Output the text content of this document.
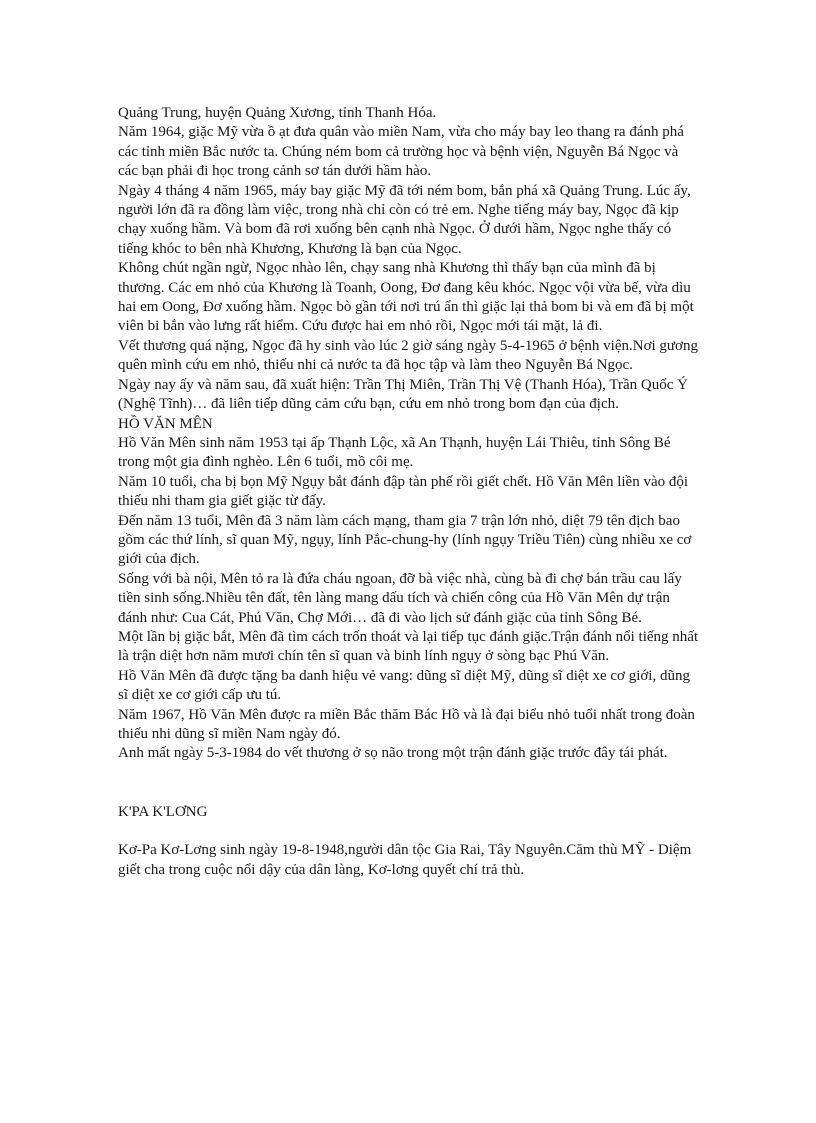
Quảng Trung, huyện Quảng Xương, tỉnh Thanh Hóa.

Năm 1964, giặc Mỹ vừa ồ ạt đưa quân vào miền Nam, vừa cho máy bay leo thang ra đánh phá các tỉnh miền Bắc nước ta. Chúng ném bom cả trường học và bệnh viện, Nguyễn Bá Ngọc và các bạn phải đi học trong cảnh sơ tán dưới hầm hào.

Ngày 4 tháng 4 năm 1965, máy bay giặc Mỹ đã tới ném bom, bắn phá xã Quảng Trung. Lúc ấy, người lớn đã ra đồng làm việc, trong nhà chỉ còn có trẻ em. Nghe tiếng máy bay, Ngọc đã kịp chạy xuống hầm. Và bom đã rơi xuống bên cạnh nhà Ngọc. Ở dưới hầm, Ngọc nghe thấy có tiếng khóc to bên nhà Khương, Khương là bạn của Ngọc.

Không chút ngần ngừ, Ngọc nhào lên, chạy sang nhà Khương thì thấy bạn của mình đã bị thương. Các em nhỏ của Khương là Toanh, Oong, Đơ đang kêu khóc. Ngọc vội vừa bế, vừa dìu hai em Oong, Đơ xuống hầm. Ngọc bò gần tới nơi trú ẩn thì giặc lại thả bom bi và em đã bị một viên bi bắn vào lưng rất hiểm. Cứu được hai em nhỏ rồi, Ngọc mới tái mặt, lả đi.

Vết thương quá nặng, Ngọc đã hy sinh vào lúc 2 giờ sáng ngày 5-4-1965 ở bệnh viện.Nơi gương quên mình cứu em nhỏ, thiếu nhi cả nước ta đã học tập và làm theo Nguyễn Bá Ngọc.

Ngày nay ấy và năm sau, đã xuất hiện: Trần Thị Miên, Trần Thị Vệ (Thanh Hóa), Trần Quốc Ý (Nghệ Tĩnh)… đã liên tiếp dũng cảm cứu bạn, cứu em nhỏ trong bom đạn của địch.

HỒ VĂN MÊN

Hồ Văn Mên sinh năm 1953 tại ấp Thạnh Lộc, xã An Thạnh, huyện Lái Thiêu, tỉnh Sông Bé trong một gia đình nghèo. Lên 6 tuổi, mồ côi mẹ.

Năm 10 tuổi, cha bị bọn Mỹ Ngụy bắt đánh đập tàn phế rồi giết chết. Hồ Văn Mên liền vào đội thiếu nhi tham gia giết giặc từ đấy.

Đến năm 13 tuổi, Mên đã 3 năm làm cách mạng, tham gia 7 trận lớn nhỏ, diệt 79 tên địch bao gồm các thứ lính, sĩ quan Mỹ, ngụy, lính Pắc-chung-hy (lính ngụy Triều Tiên) cùng nhiều xe cơ giới của địch.

Sống với bà nội, Mên tỏ ra là đứa cháu ngoan, đỡ bà việc nhà, cùng bà đi chợ bán trầu cau lấy tiền sinh sống.Nhiều tên đất, tên làng mang dấu tích và chiến công của Hồ Văn Mên dự trận đánh như: Cua Cát, Phú Văn, Chợ Mới… đã đi vào lịch sử đánh giặc của tỉnh Sông Bé.

Một lần bị giặc bắt, Mên đã tìm cách trốn thoát và lại tiếp tục đánh giặc.Trận đánh nổi tiếng nhất là trận diệt hơn năm mươi chín tên sĩ quan và binh lính ngụy ở sòng bạc Phú Văn.

Hồ Văn Mên đã được tặng ba danh hiệu vẻ vang: dũng sĩ diệt Mỹ, dũng sĩ diệt xe cơ giới, dũng sĩ diệt xe cơ giới cấp ưu tú.

Năm 1967, Hồ Văn Mên được ra miền Bắc thăm Bác Hồ và là đại biểu nhỏ tuổi nhất trong đoàn thiếu nhi dũng sĩ miền Nam ngày đó.

Anh mất ngày 5-3-1984 do vết thương ở sọ não trong một trận đánh giặc trước đây tái phát.

K'PA K'LƠNG

Kơ-Pa Kơ-Lơng sinh ngày 19-8-1948,người dân tộc Gia Rai, Tây Nguyên.Căm thù MỸ - Diệm giết cha trong cuộc nổi dậy của dân làng, Kơ-lơng quyết chí trả thù.
